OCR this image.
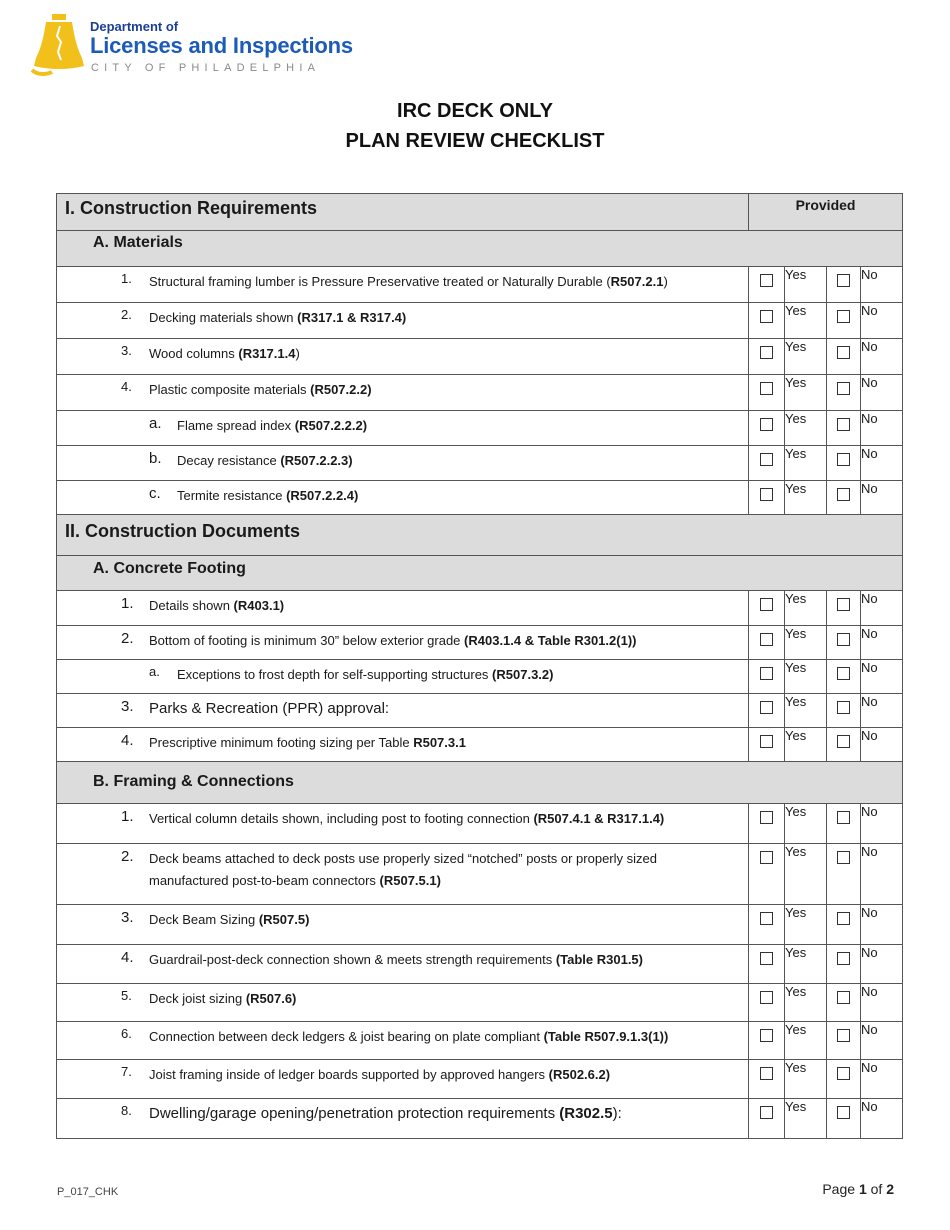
Department of
Licenses and Inspections
CITY OF PHILADELPHIA
IRC DECK ONLY
PLAN REVIEW CHECKLIST
I. Construction Requirements	Provided			

A. Materials				

1. Structural framing lumber is Pressure Preservative treated or Naturally Durable (R507.2.1)		Yes		No

2. Decking materials shown (R317.1 & R317.4)		Yes		No

3. Wood columns (R317.1.4)		Yes		No

4. Plastic composite materials (R507.2.2)		Yes		No

a. Flame spread index (R507.2.2.2)		Yes		No

b. Decay resistance (R507.2.2.3)		Yes		No

c. Termite resistance (R507.2.2.4)		Yes		No

II. Construction Documents				

A. Concrete Footing				

1. Details shown (R403.1)		Yes		No

2. Bottom of footing is minimum 30” below exterior grade (R403.1.4 & Table R301.2(1))		Yes		No

a. Exceptions to frost depth for self-supporting structures (R507.3.2)		Yes		No

3. Parks & Recreation (PPR) approval:		Yes		No

4. Prescriptive minimum footing sizing per Table R507.3.1		Yes		No

B. Framing & Connections				

1. Vertical column details shown, including post to footing connection (R507.4.1 & R317.1.4)		Yes		No

2. Deck beams attached to deck posts use properly sized “notched” posts or properly sized manufactured post-to-beam connectors (R507.5.1)		Yes		No

3. Deck Beam Sizing (R507.5)		Yes		No

4. Guardrail-post-deck connection shown & meets strength requirements (Table R301.5)		Yes		No

5. Deck joist sizing (R507.6)		Yes		No

6. Connection between deck ledgers & joist bearing on plate compliant (Table R507.9.1.3(1))		Yes		No

7. Joist framing inside of ledger boards supported by approved hangers (R502.6.2)		Yes		No

8. Dwelling/garage opening/penetration protection requirements (R302.5):		Yes		No
P_017_CHK	Page 1 of 2
